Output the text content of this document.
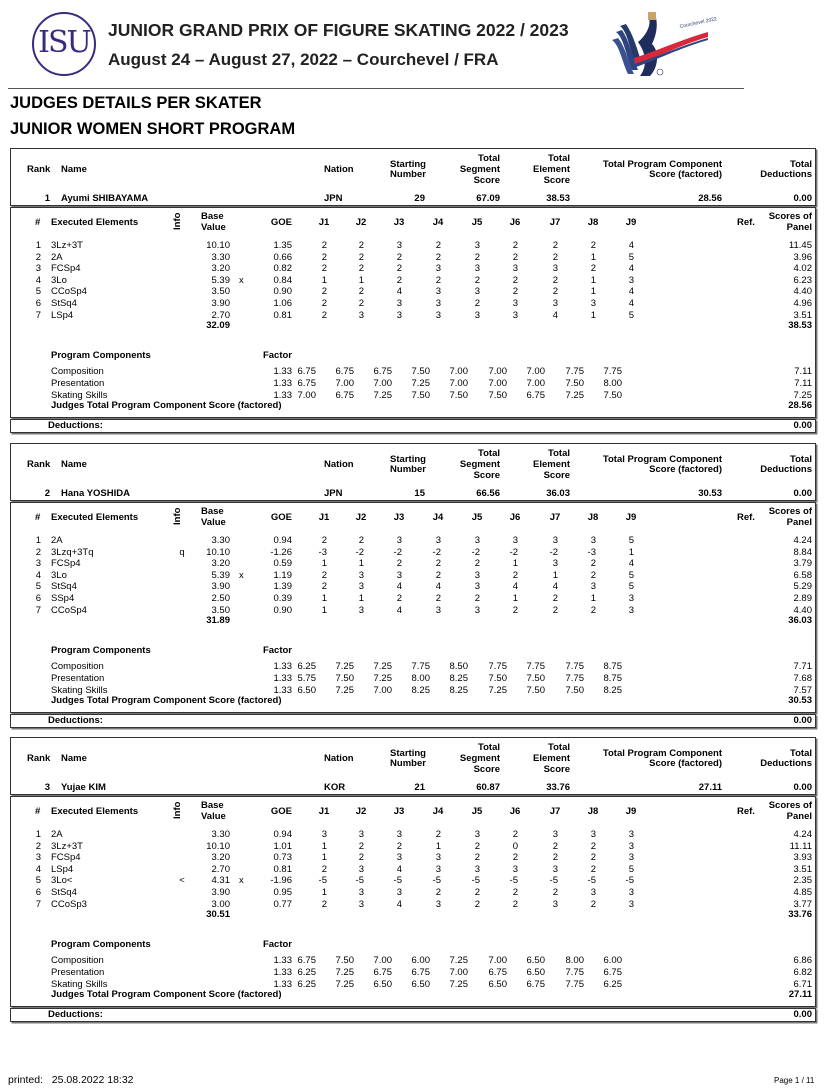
ISU JUNIOR GRAND PRIX OF FIGURE SKATING 2022 / 2023
August 24 – August 27, 2022 – Courchevel / FRA
Courchevel 2022
JUDGES DETAILS PER SKATER
JUNIOR WOMEN SHORT PROGRAM
Rank Name	Nation	Starting
Number
Total
Segment
Score
Total
Element
Score
Total Program Component
Score (factored)
Total
Deductions
1 Ayumi SHIBAYAMA	JPN	29	67.09	38.53	28.56	0.00
# Executed Elements	Info Base
Value	GOE	J1	J2	J3	J4	J5	J6	J7	J8	J9	Ref.
Scores of
Panel
1 3Lz+3T	10.10	1.35	2	2	3	2	3	2	2	2	4	11.45
2 2A	3.30	0.66	2	2	2	2	2	2	2	1	5	3.96
3 FCSp4	3.20	0.82	2	2	2	3	3	3	3	2	4	4.02
4 3Lo	5.39 x	0.84	1	1	2	2	2	2	2	1	3	6.23
5 CCoSp4	3.50	0.90	2	2	4	3	3	2	2	1	4	4.40
6 StSq4	3.90	1.06	2	2	3	3	2	3	3	3	4	4.96
7 LSp4	2.70	0.81	2	3	3	3	3	3	4	1	5	3.51
32.09	38.53
Program Components	Factor
Composition	1.33 6.75	6.75	6.75	7.50	7.00	7.00	7.00	7.75	7.75	7.11
Presentation	1.33 6.75	7.00	7.00	7.25	7.00	7.00	7.00	7.50	8.00	7.11
Skating Skills	1.33 7.00	6.75	7.25	7.50	7.50	7.50	6.75	7.25	7.50	7.25
Judges Total Program Component Score (factored)	28.56
Deductions:	0.00
Rank Name	Nation	Starting
Number
Total
Segment
Score
Total
Element
Score
Total Program Component
Score (factored)
Total
Deductions
2 Hana YOSHIDA	JPN	15	66.56	36.03	30.53	0.00
# Executed Elements	Info Base
Value	GOE	J1	J2	J3	J4	J5	J6	J7	J8	J9	Ref.
Scores of
Panel
1 2A	3.30	0.94	2	2	3	3	3	3	3	3	5	4.24
2 3Lzq+3Tq	q	10.10	-1.26	-3	-2	-2	-2	-2	-2	-2	-3	1	8.84
3 FCSp4	3.20	0.59	1	1	2	2	2	1	3	2	4	3.79
4 3Lo	5.39 x	1.19	2	3	3	2	3	2	1	2	5	6.58
5 StSq4	3.90	1.39	2	3	4	4	3	4	4	3	5	5.29
6 SSp4	2.50	0.39	1	1	2	2	2	1	2	1	3	2.89
7 CCoSp4	3.50	0.90	1	3	4	3	3	2	2	2	3	4.40
31.89	36.03
Program Components	Factor
Composition	1.33 6.25	7.25	7.25	7.75	8.50	7.75	7.75	7.75	8.75	7.71
Presentation	1.33 5.75	7.50	7.25	8.00	8.25	7.50	7.50	7.75	8.75	7.68
Skating Skills	1.33 6.50	7.25	7.00	8.25	8.25	7.25	7.50	7.50	8.25	7.57
Judges Total Program Component Score (factored)	30.53
Deductions:	0.00
Rank Name	Nation	Starting
Number
Total
Segment
Score
Total
Element
Score
Total Program Component
Score (factored)
Total
Deductions
3 Yujae KIM	KOR	21	60.87	33.76	27.11	0.00
# Executed Elements	Info Base
Value	GOE	J1	J2	J3	J4	J5	J6	J7	J8	J9	Ref.
Scores of
Panel
1 2A	3.30	0.94	3	3	3	2	3	2	3	3	3	4.24
2 3Lz+3T	10.10	1.01	1	2	2	1	2	0	2	2	3	11.11
3 FCSp4	3.20	0.73	1	2	3	3	2	2	2	2	3	3.93
4 LSp4	2.70	0.81	2	3	4	3	3	3	3	2	5	3.51
5 3Lo<	<	4.31 x	-1.96	-5	-5	-5	-5	-5	-5	-5	-5	-5	2.35
6 StSq4	3.90	0.95	1	3	3	2	2	2	2	3	3	4.85
7 CCoSp3	3.00	0.77	2	3	4	3	2	2	3	2	3	3.77
30.51	33.76
Program Components	Factor
Composition	1.33 6.75	7.50	7.00	6.00	7.25	7.00	6.50	8.00	6.00	6.86
Presentation	1.33 6.25	7.25	6.75	6.75	7.00	6.75	6.50	7.75	6.75	6.82
Skating Skills	1.33 6.25	7.25	6.50	6.50	7.25	6.50	6.75	7.75	6.25	6.71
Judges Total Program Component Score (factored)	27.11
Deductions:	0.00
printed:   25.08.2022 18:32	Page 1 / 11
